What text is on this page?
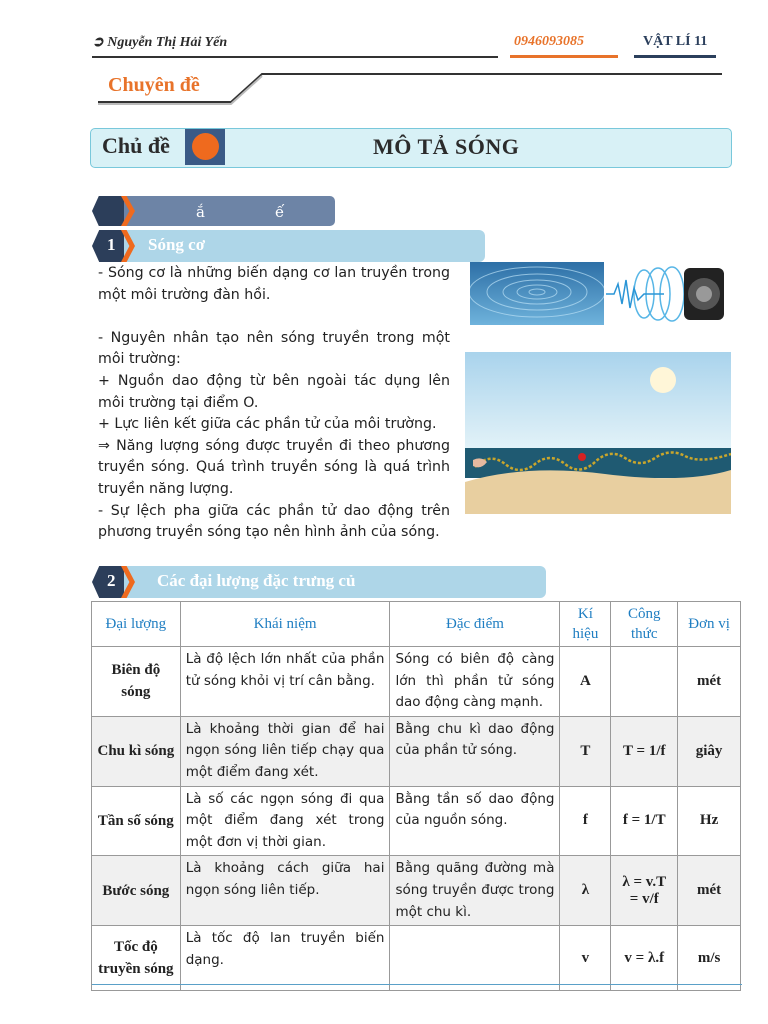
➲ Nguyễn Thị Hải Yến	0946093085	VẬT LÍ 11
Chuyên đề
Chủ đề	MÔ TẢ SÓNG
ắ	ế
1 Sóng cơ

- Sóng cơ là những biến dạng cơ lan truyền trong một môi trường đàn hồi.

- Nguyên nhân tạo nên sóng truyền trong một môi trường:

+ Nguồn dao động từ bên ngoài tác dụng lên môi trường tại điểm O.

+ Lực liên kết giữa các phần tử của môi trường.

⇒ Năng lượng sóng được truyền đi theo phương truyền sóng. Quá trình truyền sóng là quá trình truyền năng lượng.

- Sự lệch pha giữa các phần tử dao động trên phương truyền sóng tạo nên hình ảnh của sóng.

2 Các đại lượng đặc trưng củ
Đại lượng	Khái niệm	Đặc điểm	Kí hiệu	Công thức	Đơn vị
Biên độ sóng	Là độ lệch lớn nhất của phần tử sóng khỏi vị trí cân bằng.	Sóng có biên độ càng lớn thì phần tử sóng dao động càng mạnh.	A		mét
Chu kì sóng	Là khoảng thời gian để hai ngọn sóng liên tiếp chạy qua một điểm đang xét.	Bằng chu kì dao động của phần tử sóng.	T	T = 1/f	giây
Tần số sóng	Là số các ngọn sóng đi qua một điểm đang xét trong một đơn vị thời gian.	Bằng tần số dao động của nguồn sóng.	f	f = 1/T	Hz
Bước sóng	Là khoảng cách giữa hai ngọn sóng liên tiếp.	Bằng quãng đường mà sóng truyền được trong một chu kì.	λ	λ = v.T = v/f	mét
Tốc độ truyền sóng	Là tốc độ lan truyền biến dạng.		v	v = λ.f	m/s
